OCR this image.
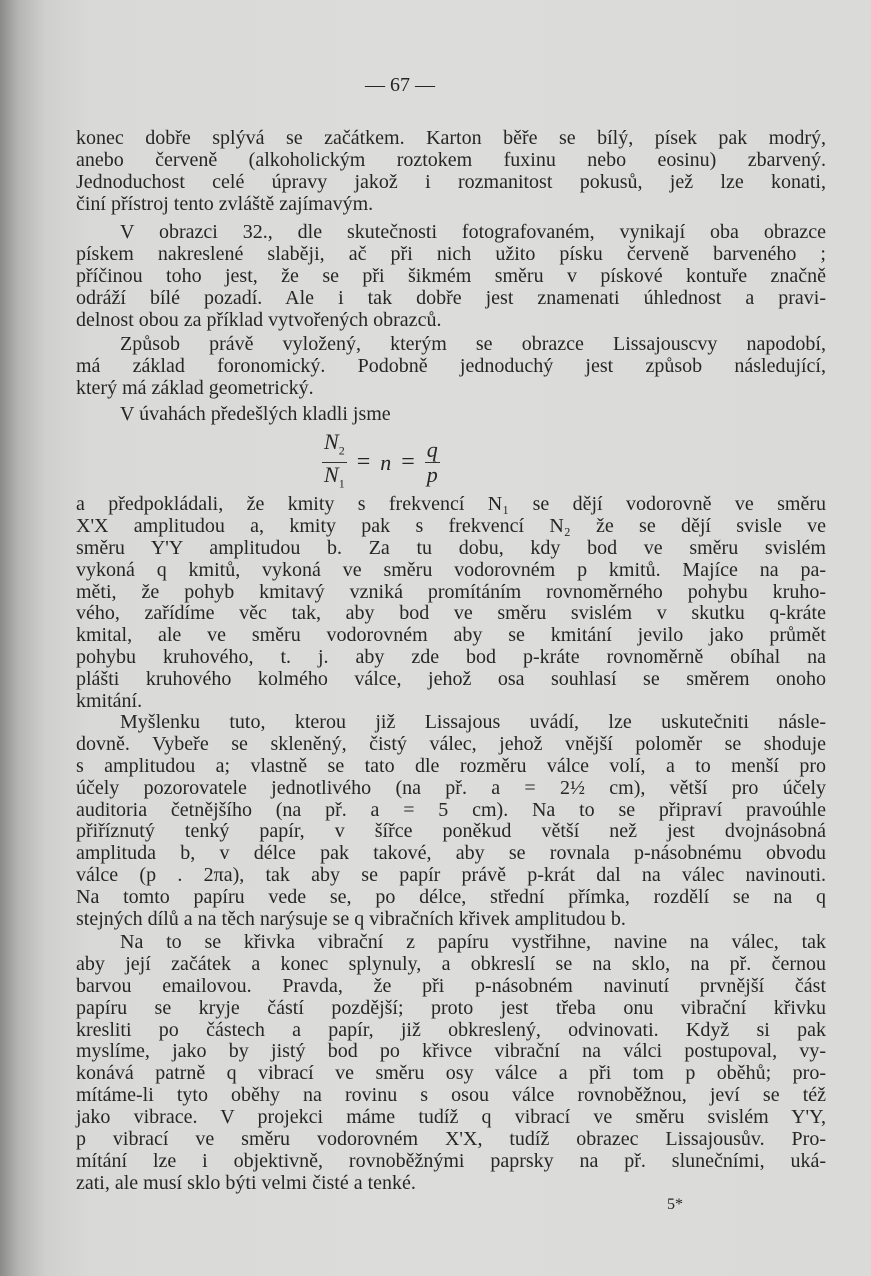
— 67 —
konec dobře splývá se začátkem. Karton běře se bílý, písek pak modrý,
anebo červeně (alkoholickým roztokem fuxinu nebo eosinu) zbarvený.
Jednoduchost celé úpravy jakož i rozmanitost pokusů, jež lze konati,
činí přístroj tento zvláště zajímavým.
V obrazci 32., dle skutečnosti fotografovaném, vynikají oba obrazce
pískem nakreslené slaběji, ač při nich užito písku červeně barveného ;
příčinou toho jest, že se při šikmém směru v pískové kontuře značně
odráží bílé pozadí. Ale i tak dobře jest znamenati úhlednost a pravi-
delnost obou za příklad vytvořených obrazců.
Způsob právě vyložený, kterým se obrazce Lissajouscvy napodobí,
má základ foronomický. Podobně jednoduchý jest způsob následující,
který má základ geometrický.
V úvahách předešlých kladli jsme
$\frac{N_2}{N_1} = n = \frac{q}{p}$
a předpokládali, že kmity s frekvencí N₁ se dějí vodorovně ve směru
X'X amplitudou a, kmity pak s frekvencí N₂ že se dějí svisle ve
směru Y'Y amplitudou b. Za tu dobu, kdy bod ve směru svislém
vykoná q kmitů, vykoná ve směru vodorovném p kmitů. Majíce na pa-
měti, že pohyb kmitavý vzniká promítáním rovnoměrného pohybu kruho-
vého, zařídíme věc tak, aby bod ve směru svislém v skutku q-kráte
kmital, ale ve směru vodorovném aby se kmitání jevilo jako průmět
pohybu kruhového, t. j. aby zde bod p-kráte rovnoměrně obíhal na
plášti kruhového kolmého válce, jehož osa souhlasí se směrem onoho
kmitání.
Myšlenku tuto, kterou již Lissajous uvádí, lze uskutečniti násle-
dovně. Vybeře se skleněný, čistý válec, jehož vnější poloměr se shoduje
s amplitudou a; vlastně se tato dle rozměru válce volí, a to menší pro
účely pozorovatele jednotlivého (na př. a = 2½ cm), větší pro účely
auditoria četnějšího (na př. a = 5 cm). Na to se připraví pravoúhle
přiříznutý tenký papír, v šířce poněkud větší než jest dvojnásobná
amplituda b, v délce pak takové, aby se rovnala p-násobnému obvodu
válce (p . 2πa), tak aby se papír právě p-krát dal na válec navinouti.
Na tomto papíru vede se, po délce, střední přímka, rozdělí se na q
stejných dílů a na těch narýsuje se q vibračních křivek amplitudou b.
Na to se křivka vibrační z papíru vystřihne, navine na válec, tak
aby její začátek a konec splynuly, a obkreslí se na sklo, na př. černou
barvou emailovou. Pravda, že při p-násobném navinutí prvnější část
papíru se kryje částí pozdější; proto jest třeba onu vibrační křivku
kresliti po částech a papír, již obkreslený, odvinovati. Když si pak
myslíme, jako by jistý bod po křivce vibrační na válci postupoval, vy-
konává patrně q vibrací ve směru osy válce a při tom p oběhů; pro-
mítáme-li tyto oběhy na rovinu s osou válce rovnoběžnou, jeví se též
jako vibrace. V projekci máme tudíž q vibrací ve směru svislém Y'Y,
p vibrací ve směru vodorovném X'X, tudíž obrazec Lissajousův. Pro-
mítání lze i objektivně, rovnoběžnými paprsky na př. slunečními, uká-
zati, ale musí sklo býti velmi čisté a tenké.
5*
